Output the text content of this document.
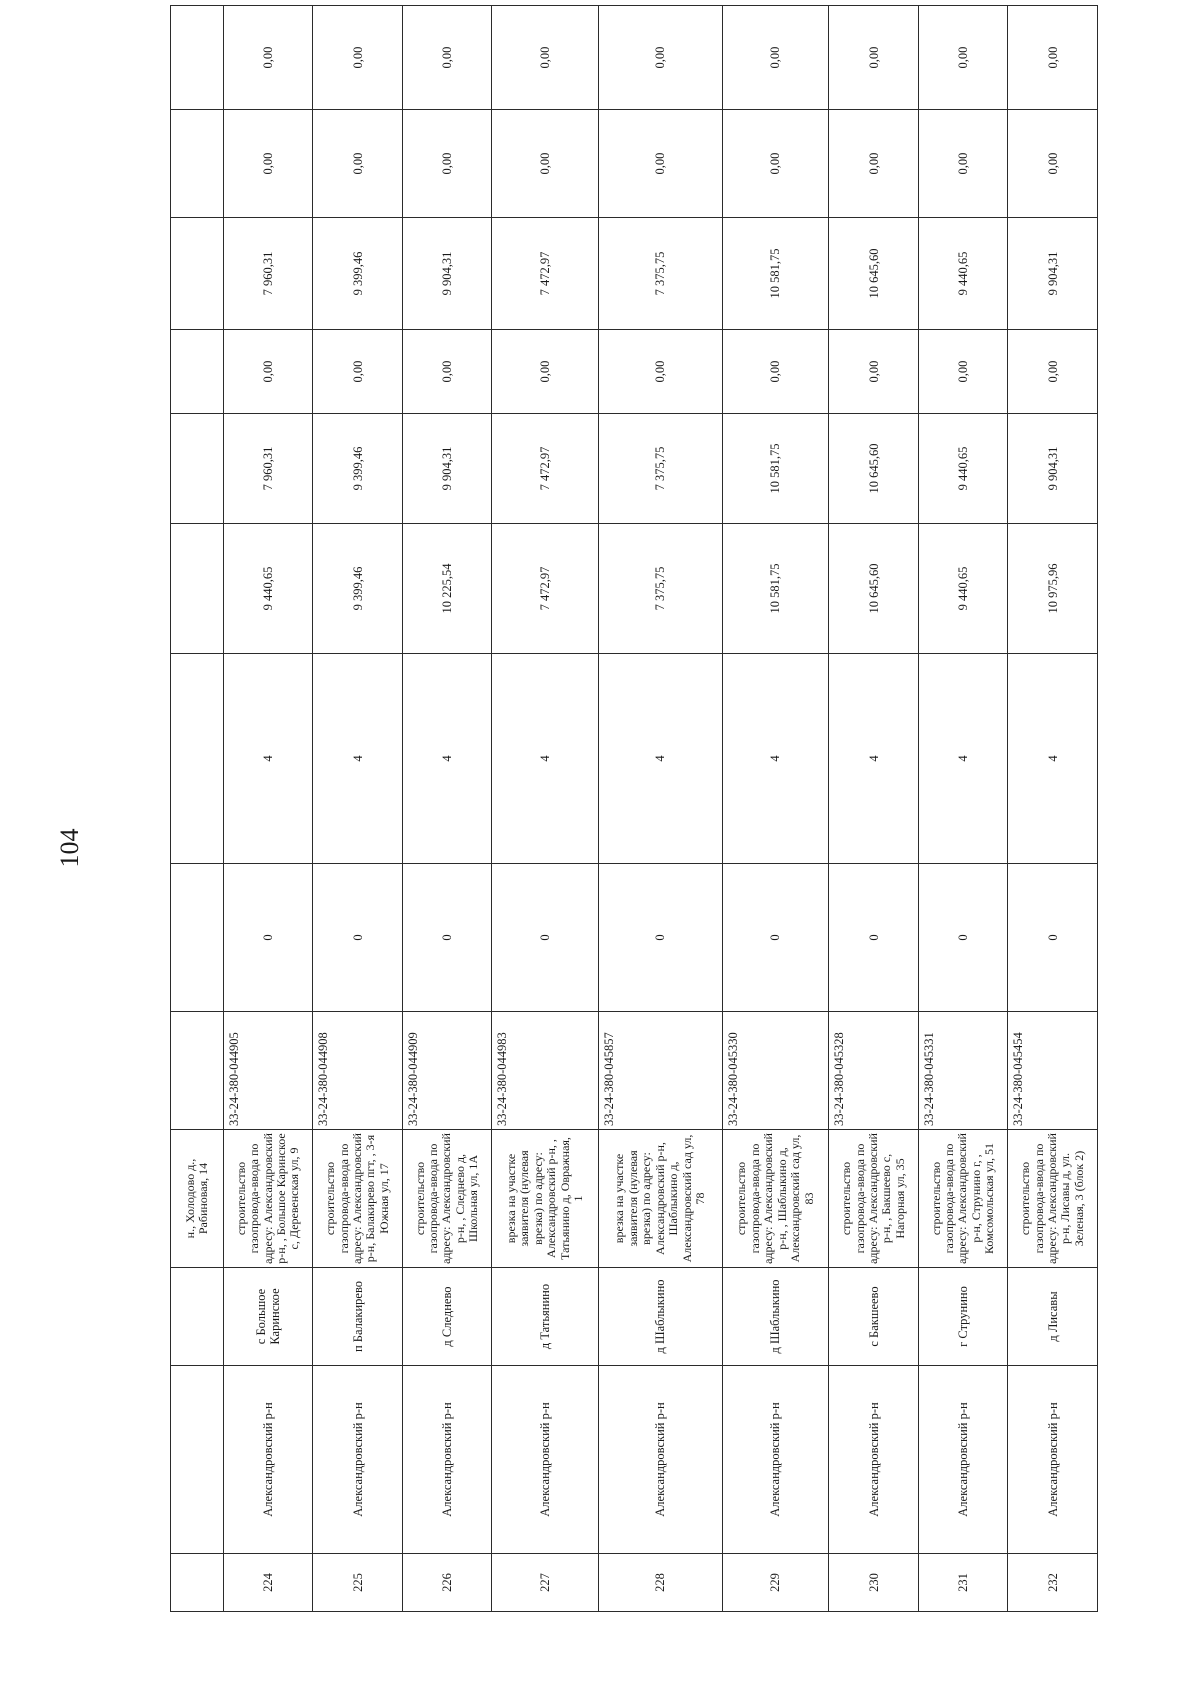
104
			н., Холодово д., Рабиновая, 14									
224	Александровский р-н	с Большое Каринское	строительство газопровода-ввода по адресу: Александровский р-н, , Большое Каринское с, Деревенская ул, 9	33-24-380-044905	0	4	9 440,65	7 960,31	0,00	7 960,31	0,00	0,00
225	Александровский р-н	п Балакирево	строительство газопровода-ввода по адресу: Александровский р-н, Балакирево пгт, , 3-я Южная ул, 17	33-24-380-044908	0	4	9 399,46	9 399,46	0,00	9 399,46	0,00	0,00
226	Александровский р-н	д Следнево	строительство газопровода-ввода по адресу: Александровский р-н, , Следнево д, Школьная ул, 1А	33-24-380-044909	0	4	10 225,54	9 904,31	0,00	9 904,31	0,00	0,00
227	Александровский р-н	д Татьянино	врезка на участке заявителя (нулевая врезка) по адресу: Александровский р-н, , Татьянино д, Овражная, 1	33-24-380-044983	0	4	7 472,97	7 472,97	0,00	7 472,97	0,00	0,00
228	Александровский р-н	д Шаблыкино	врезка на участке заявителя (нулевая врезка) по адресу: Александровский р-н, Шаблыкино д, Александровский сад ул, 78	33-24-380-045857	0	4	7 375,75	7 375,75	0,00	7 375,75	0,00	0,00
229	Александровский р-н	д Шаблыкино	строительство газопровода-ввода по адресу: Александровский р-н, , Шаблыкино д, Александровский сад ул, 83	33-24-380-045330	0	4	10 581,75	10 581,75	0,00	10 581,75	0,00	0,00
230	Александровский р-н	с Бакшеево	строительство газопровода-ввода по адресу: Александровский р-н, , Бакшеево с, Нагорная ул, 35	33-24-380-045328	0	4	10 645,60	10 645,60	0,00	10 645,60	0,00	0,00
231	Александровский р-н	г Струнино	строительство газопровода-ввода по адресу: Александровский р-н, Струнино г, , Комсомольская ул, 51	33-24-380-045331	0	4	9 440,65	9 440,65	0,00	9 440,65	0,00	0,00
232	Александровский р-н	д Лисавы	строительство газопровода-ввода по адресу: Александровский р-н, Лисавы д, ул. Зеленая, 3 (блок 2)	33-24-380-045454	0	4	10 975,96	9 904,31	0,00	9 904,31	0,00	0,00
